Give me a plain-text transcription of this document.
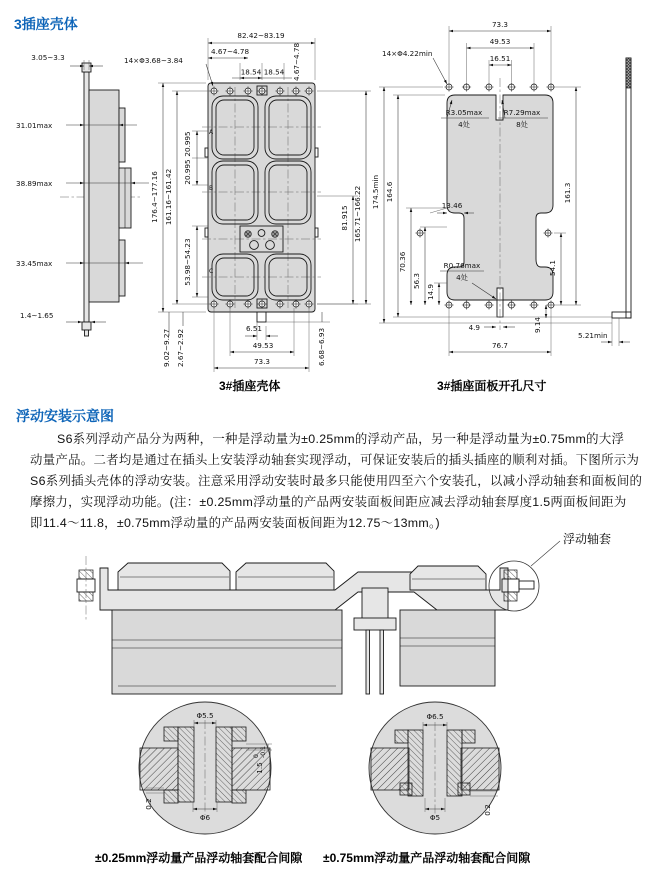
3.05~3.3
31.01max
38.89max
33.45max
1.4~1.65
A
B
C
82.42~83.19
14×Φ3.68~3.84
4.67~4.78
18.54 18.54 4.67~4.78
176.4~177.16 161.16~161.42
20.995
20.995
53.98~54.23
81.915 165.71~166.22
9.02~9.27 2.67~2.92	6.68~6.93
6.51
49.53
73.3
73.3
49.53
16.51
14×Φ4.22min
R3.05max
4处
R7.29max
8处
13.46
174.5min 164.6
70.36
56.3
14.9
R0.76max
4处
4.9
76.7
161.3
54.1
9.14
5.21min
Φ5.5
Φ6
0.2
1.5
0 -0.1
Φ6.5
Φ5
0.2
3插座壳体
3#插座壳体	3#插座面板开孔尺寸
浮动安装示意图
S6系列浮动产品分为两种，一种是浮动量为±0.25mm的浮动产品，另一种是浮动量为±0.75mm的大浮
动量产品。二者均是通过在插头上安装浮动轴套实现浮动，可保证安装后的插头插座的顺利对插。下图所示为
S6系列插头壳体的浮动安装。注意采用浮动安装时最多只能使用四至六个安装孔，以减小浮动轴套和面板间的
摩擦力，实现浮动功能。(注：±0.25mm浮动量的产品两安装面板间距应减去浮动轴套厚度1.5两面板间距为
即11.4～11.8，±0.75mm浮动量的产品两安装面板间距为12.75～13mm。)
浮动轴套
±0.25mm浮动量产品浮动轴套配合间隙 ±0.75mm浮动量产品浮动轴套配合间隙
